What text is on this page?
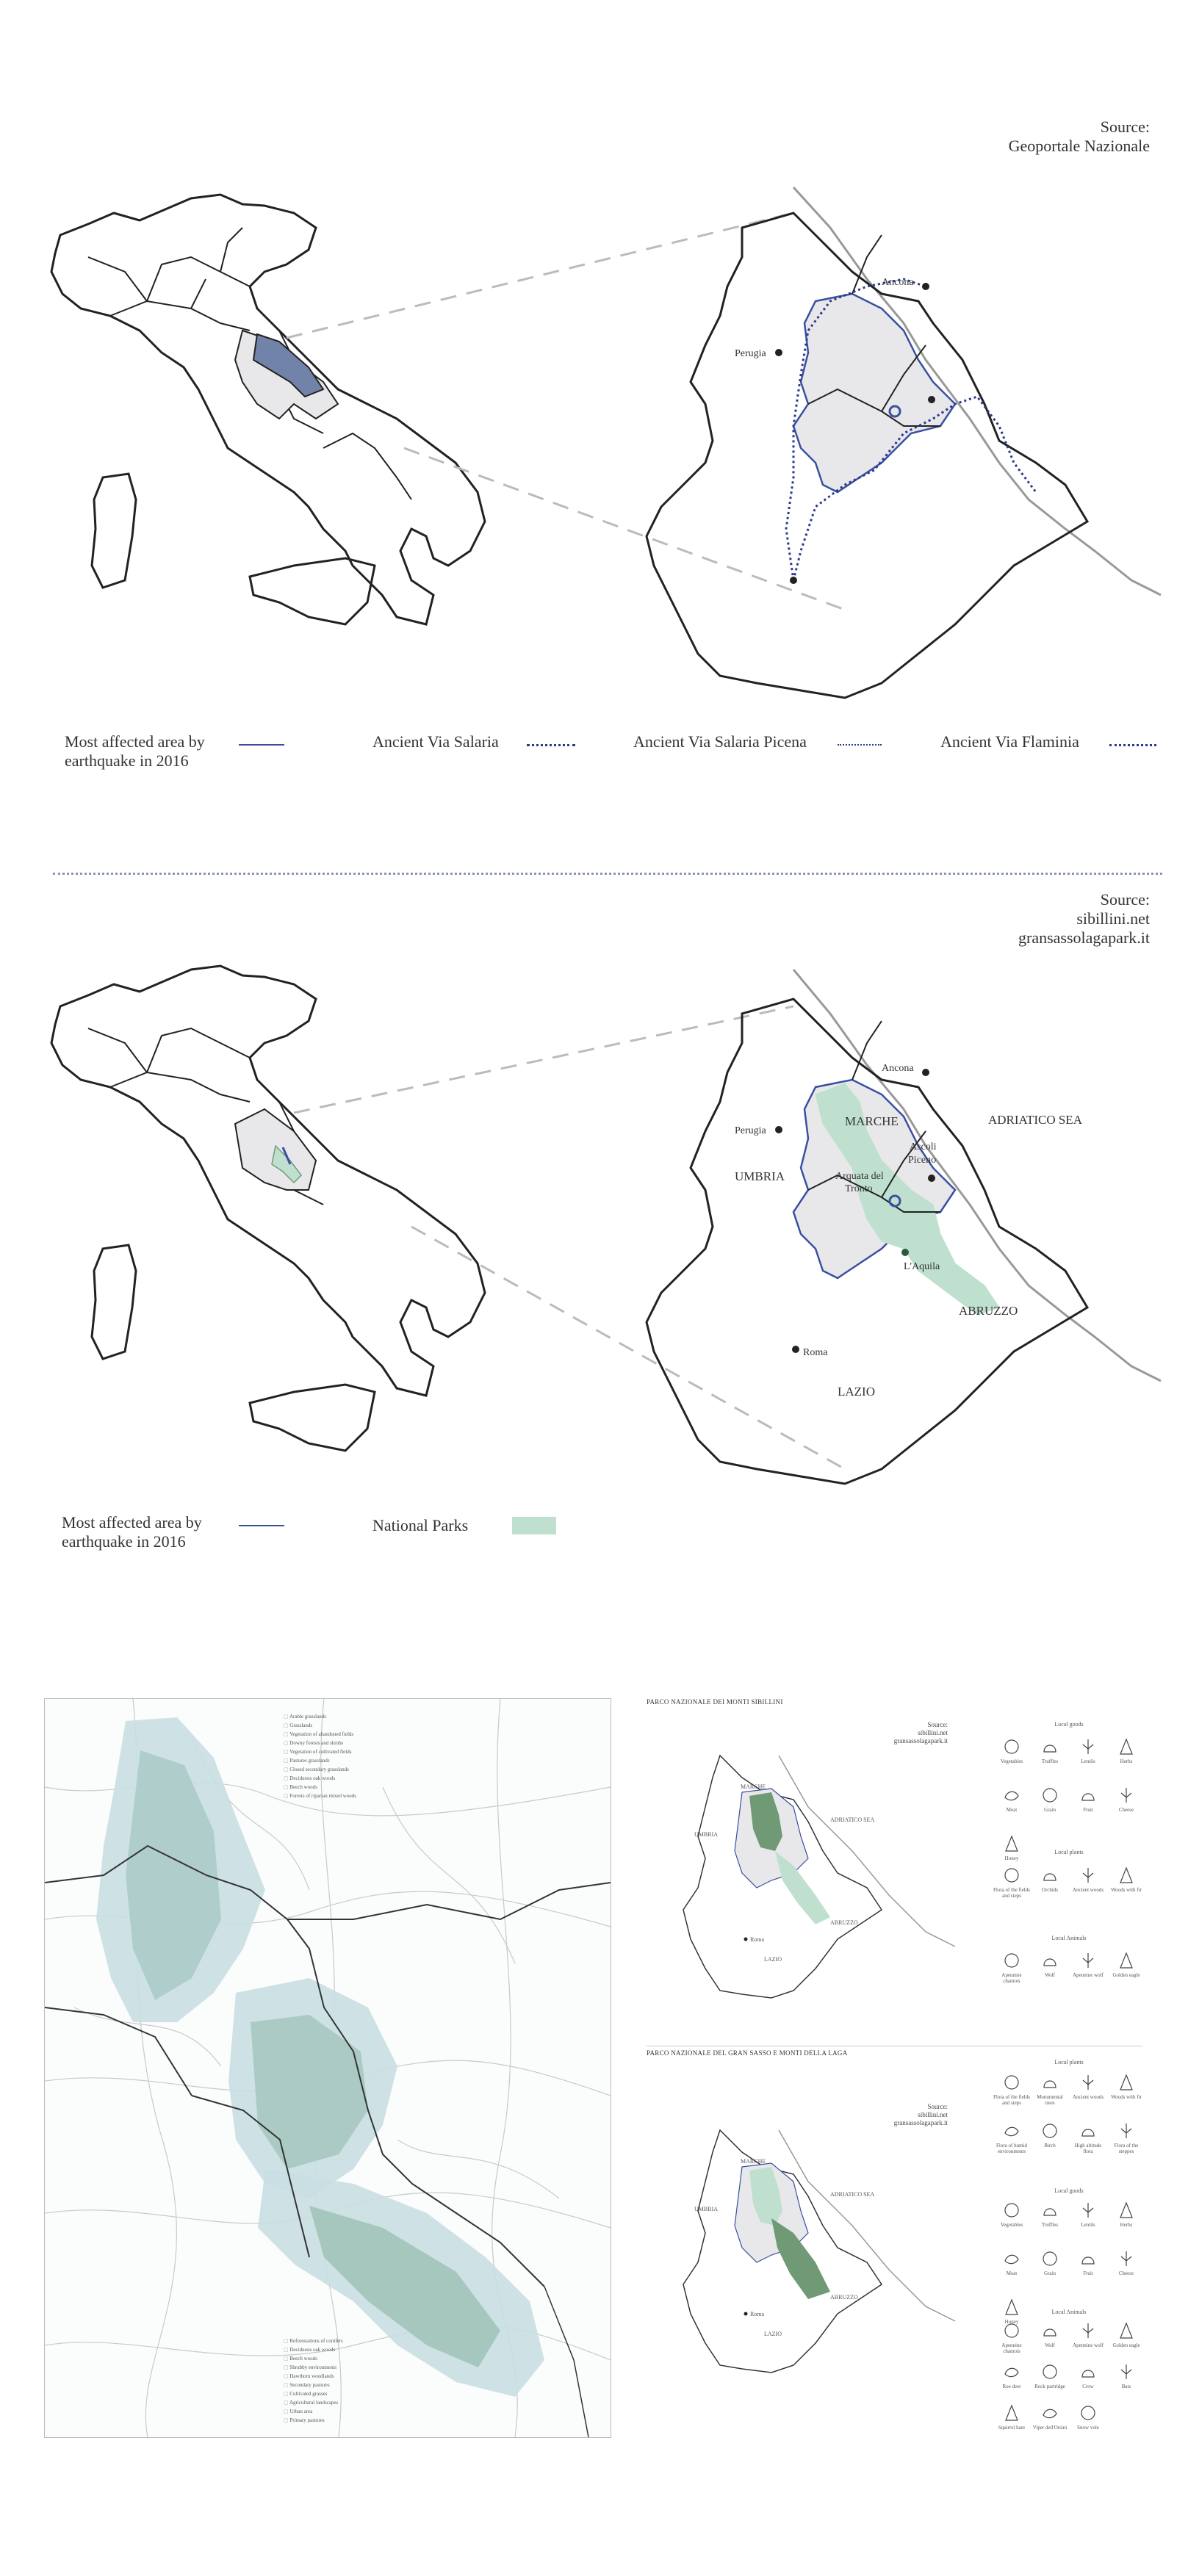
Source:
Geoportale Nazionale
Ancona
Perugia
Most affected area by
earthquake in 2016
Ancient Via Salaria	Ancient Via Salaria Picena	Ancient Via Flaminia
Source:
sibillini.net
gransassolagapark.it
Ancona
Perugia
Ascoli
Piceno
Arquata del
Tronto
L'Aquila
Roma
MARCHE
UMBRIA
ABRUZZO
LAZIO
ADRIATICO SEA
Most affected area by
earthquake in 2016
National Parks
▢ Arable grasslands
▢ Grasslands
▢ Vegetation of abandoned fields
▢ Downy forests and shrubs
▢ Vegetation of cultivated fields
▢ Pastures grasslands
▢ Closed secondary grasslands
▢ Deciduous oak woods
▢ Beech woods
▢ Forests of riparian mixed woods
▢ Reforestations of conifers
▢ Deciduous oak woods
▢ Beech woods
▢ Shrubby environments
▢ Hawthorn woodlands
▢ Secondary pastures
▢ Cultivated grasses
▢ Agricultural landscapes
▢ Urban area
▢ Primary pastures
PARCO NAZIONALE DEI MONTI SIBILLINI
Source:
sibillini.net
gransassolagapark.it
MARCHE
UMBRIA
ABRUZZO
LAZIO
ADRIATICO SEA
Roma
Local goods
Vegetables	Truffles	Lentils	Herbs
Meat	Grain	Fruit	Cheese
Honey
Local plants
Flora of the fields and steps
Orchids	Ancient woods	Woods with fir
Local Animals
Apennine chamois
Wolf	Apennine wolf	Golden eagle
PARCO NAZIONALE DEL GRAN SASSO E MONTI DELLA LAGA
Source:
sibillini.net
gransassolagapark.it
MARCHE
UMBRIA
ABRUZZO
LAZIO
ADRIATICO SEA
Roma
Local plants
Flora of the fields and steps
Monumental trees
Ancient woods	Woods with fir
Flora of humid environments
Birch	High altitude flora
Flora of the steppes
Local goods
Vegetables	Truffles	Lentils	Herbs
Meat	Grain	Fruit	Cheese
Honey
Local Animals
Apennine chamois
Wolf	Apennine wolf	Golden eagle
Roe deer	Rock partridge	Crow	Bats
Squirrel hare	Viper dell'Orsini	Snow vole
